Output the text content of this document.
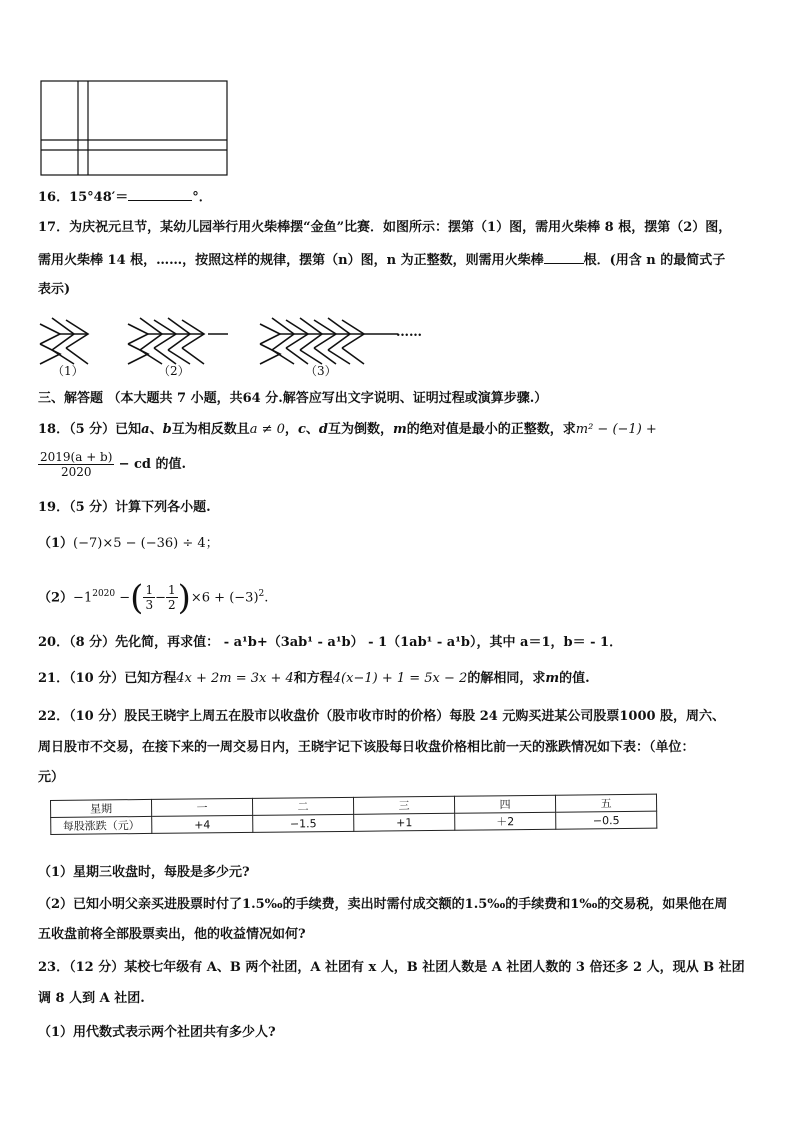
16．15°48′＝	°．
17．为庆祝元旦节，某幼儿园举行用火柴棒摆“金鱼”比赛．如图所示：摆第（1）图，需用火柴棒 8 根，摆第（2）图，
需用火柴棒 14 根，……，按照这样的规律，摆第（n）图，n 为正整数，则需用火柴棒	根．(用含 n 的最简式子
表示)
……
（1）	（2）	（3）
三、解答题 （本大题共 7 小题，共64 分.解答应写出文字说明、证明过程或演算步骤.）
18．（5 分）已知a、b互为相反数且a ≠ 0，c、d互为倒数，m的绝对值是最小的正整数，求m² − (−1) +
$\frac{2019(a + b)}{2020}$ − cd 的值.
19．（5 分）计算下列各小题.
（1）(−7)×5 − (−36) ÷ 4；
$(2)-1^{2020}$ −( $\frac{1}{3} - \frac{1}{2} )\times 6 + (-3)^2$.
20．（8 分）先化简，再求值： - a¹b+（3ab¹ - a¹b） - 1（1ab¹ - a¹b），其中 a＝1，b＝ - 1．
21．（10 分）已知方程4x + 2m = 3x + 4和方程4(x−1) + 1 = 5x − 2的解相同，求m的值.
22．（10 分）股民王晓宇上周五在股市以收盘价（股市收市时的价格）每股 24 元购买进某公司股票1000 股，周六、
周日股市不交易，在接下来的一周交易日内，王晓宇记下该股每日收盘价格相比前一天的涨跌情况如下表：（单位：
元）
星期	一	二	三	四	五
每股涨跌（元）	+4	−1.5	+1	＋2	−0.5
（1）星期三收盘时，每股是多少元?
（2）已知小明父亲买进股票时付了1.5‰的手续费，卖出时需付成交额的1.5‰的手续费和1‰的交易税，如果他在周
五收盘前将全部股票卖出，他的收益情况如何?
23．（12 分）某校七年级有 A、B 两个社团，A 社团有 x 人，B 社团人数是 A 社团人数的 3 倍还多 2 人，现从 B 社团
调 8 人到 A 社团.
（1）用代数式表示两个社团共有多少人?
